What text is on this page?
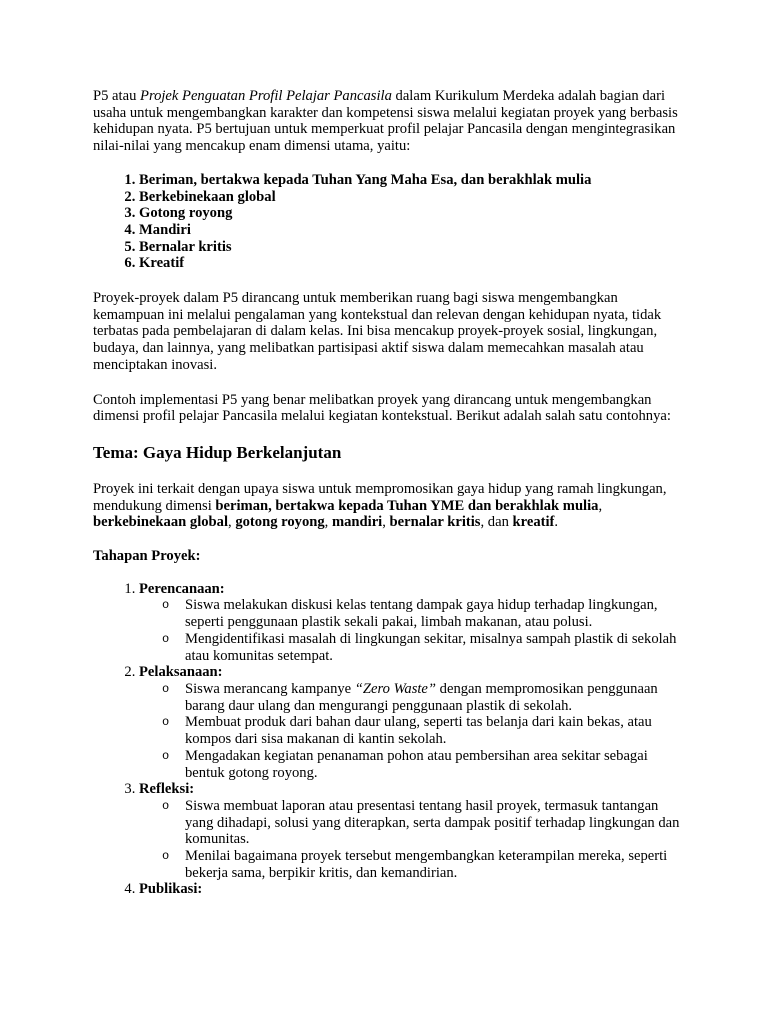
P5 atau Projek Penguatan Profil Pelajar Pancasila dalam Kurikulum Merdeka adalah bagian dari usaha untuk mengembangkan karakter dan kompetensi siswa melalui kegiatan proyek yang berbasis kehidupan nyata. P5 bertujuan untuk memperkuat profil pelajar Pancasila dengan mengintegrasikan nilai-nilai yang mencakup enam dimensi utama, yaitu:

1. Beriman, bertakwa kepada Tuhan Yang Maha Esa, dan berakhlak mulia
2. Berkebinekaan global
3. Gotong royong
4. Mandiri
5. Bernalar kritis
6. Kreatif

Proyek-proyek dalam P5 dirancang untuk memberikan ruang bagi siswa mengembangkan kemampuan ini melalui pengalaman yang kontekstual dan relevan dengan kehidupan nyata, tidak terbatas pada pembelajaran di dalam kelas. Ini bisa mencakup proyek-proyek sosial, lingkungan, budaya, dan lainnya, yang melibatkan partisipasi aktif siswa dalam memecahkan masalah atau menciptakan inovasi.

Contoh implementasi P5 yang benar melibatkan proyek yang dirancang untuk mengembangkan dimensi profil pelajar Pancasila melalui kegiatan kontekstual. Berikut adalah salah satu contohnya:

Tema: Gaya Hidup Berkelanjutan

Proyek ini terkait dengan upaya siswa untuk mempromosikan gaya hidup yang ramah lingkungan, mendukung dimensi beriman, bertakwa kepada Tuhan YME dan berakhlak mulia, berkebinekaan global, gotong royong, mandiri, bernalar kritis, dan kreatif.

Tahapan Proyek:

1. Perencanaan:
o Siswa melakukan diskusi kelas tentang dampak gaya hidup terhadap lingkungan, seperti penggunaan plastik sekali pakai, limbah makanan, atau polusi.
o Mengidentifikasi masalah di lingkungan sekitar, misalnya sampah plastik di sekolah atau komunitas setempat.
2. Pelaksanaan:
o Siswa merancang kampanye “Zero Waste” dengan mempromosikan penggunaan barang daur ulang dan mengurangi penggunaan plastik di sekolah.
o Membuat produk dari bahan daur ulang, seperti tas belanja dari kain bekas, atau kompos dari sisa makanan di kantin sekolah.
o Mengadakan kegiatan penanaman pohon atau pembersihan area sekitar sebagai bentuk gotong royong.
3. Refleksi:
o Siswa membuat laporan atau presentasi tentang hasil proyek, termasuk tantangan yang dihadapi, solusi yang diterapkan, serta dampak positif terhadap lingkungan dan komunitas.
o Menilai bagaimana proyek tersebut mengembangkan keterampilan mereka, seperti bekerja sama, berpikir kritis, dan kemandirian.
4. Publikasi:
